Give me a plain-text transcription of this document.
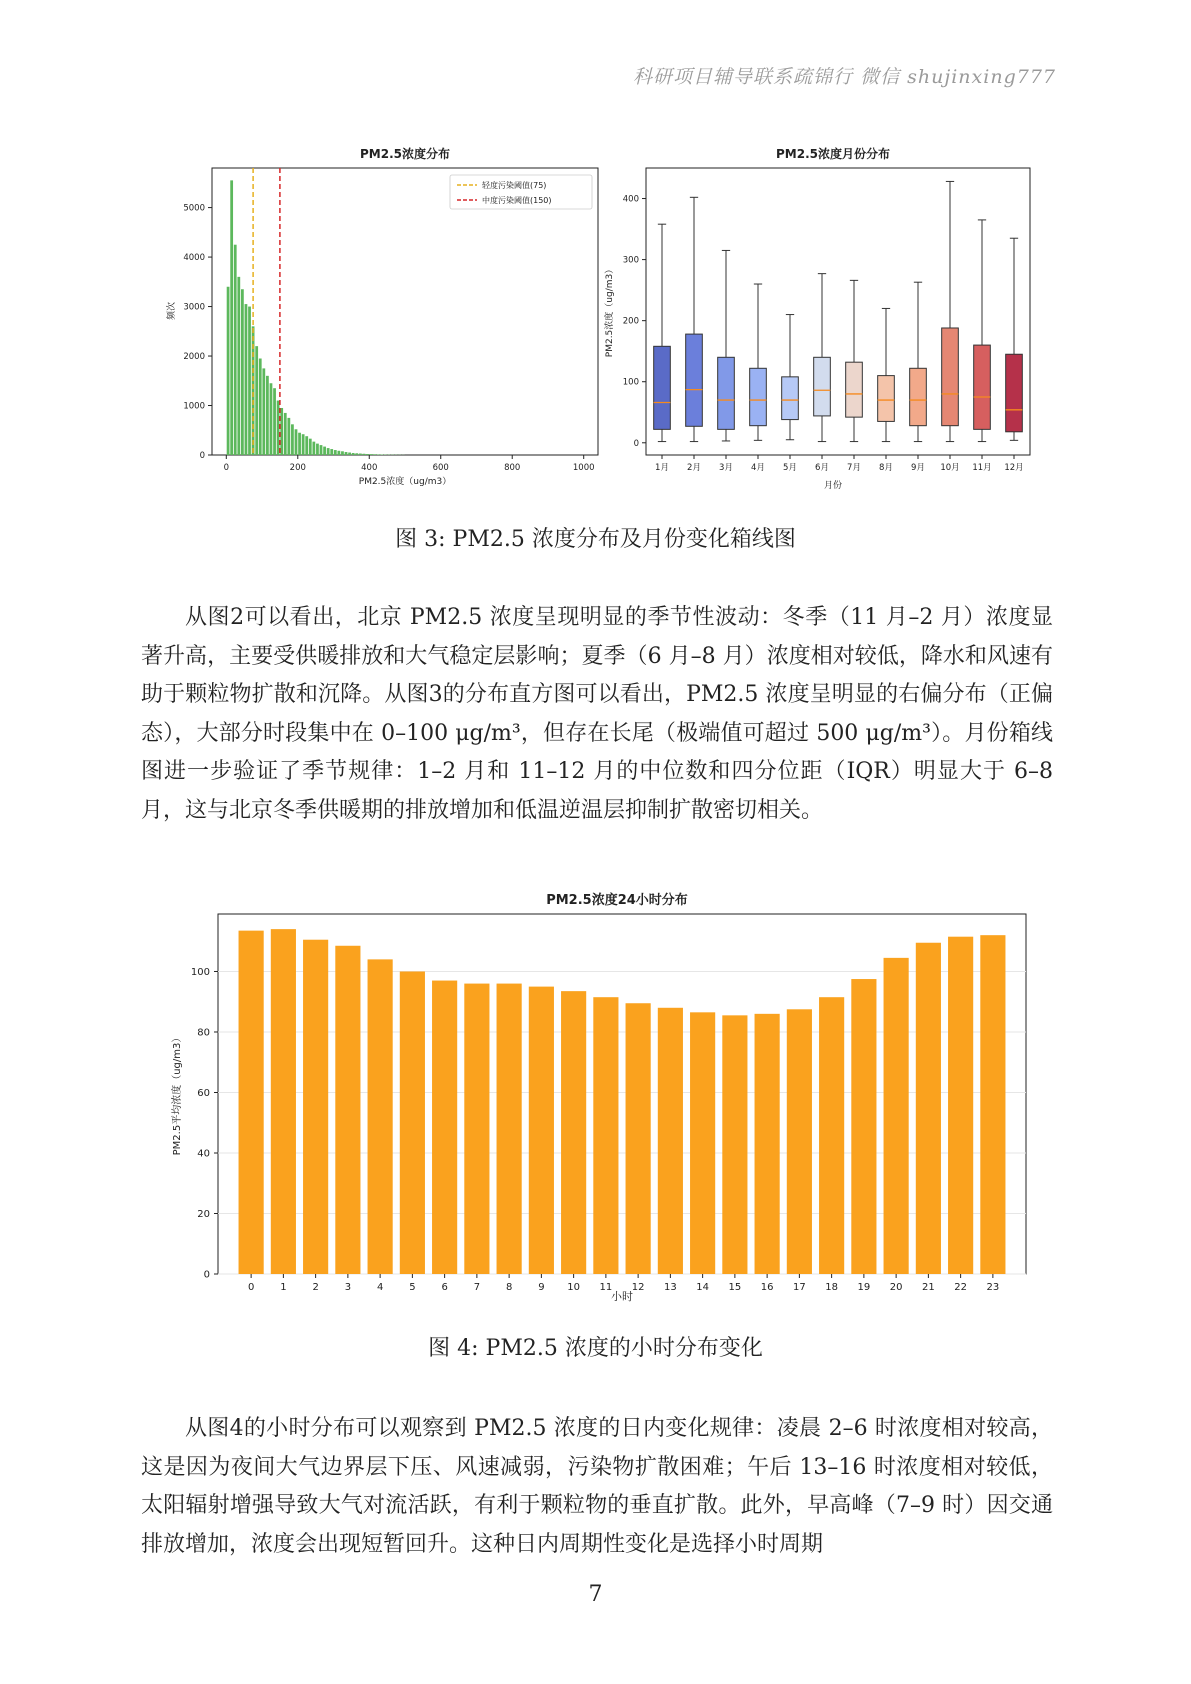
科研项目辅导联系疏锦行 微信 shujinxing777
PM2.5浓度分布
0
1000
2000
3000
4000
5000
0	200	400	600	800	1000
轻度污染阈值(75)
中度污染阈值(150)
PM2.5浓度（ug/m3）
频次
PM2.5浓度月份分布
0
100
200
300
400
1月 2月 3月 4月 5月 6月 7月 8月 9月 10月 11月 12月
月份
PM2.5浓度（ug/m3）
图 3: PM2.5 浓度分布及月份变化箱线图

从图2可以看出，北京 PM2.5 浓度呈现明显的季节性波动：冬季（11 月–2 月）浓度显著升高，主要受供暖排放和大气稳定层影响；夏季（6 月–8 月）浓度相对较低，降水和风速有助于颗粒物扩散和沉降。从图3的分布直方图可以看出，PM2.5 浓度呈明显的右偏分布（正偏态），大部分时段集中在 0–100 μg/m³，但存在长尾（极端值可超过 500 μg/m³）。月份箱线图进一步验证了季节规律：1–2 月和 11–12 月的中位数和四分位距（IQR）明显大于 6–8 月，这与北京冬季供暖期的排放增加和低温逆温层抑制扩散密切相关。

PM2.5浓度24小时分布
0
20
40
60
80
100
0	1	2	3	4	5	6	7	8	9 10 11 12 13 14 15 16 17 18 19 20 21 22 23
PM2.5平均浓度（ug/m3）
小时
图 4: PM2.5 浓度的小时分布变化

从图4的小时分布可以观察到 PM2.5 浓度的日内变化规律：凌晨 2–6 时浓度相对较高，这是因为夜间大气边界层下压、风速减弱，污染物扩散困难；午后 13–16 时浓度相对较低，太阳辐射增强导致大气对流活跃，有利于颗粒物的垂直扩散。此外，早高峰（7–9 时）因交通排放增加，浓度会出现短暂回升。这种日内周期性变化是选择小时周期

7
